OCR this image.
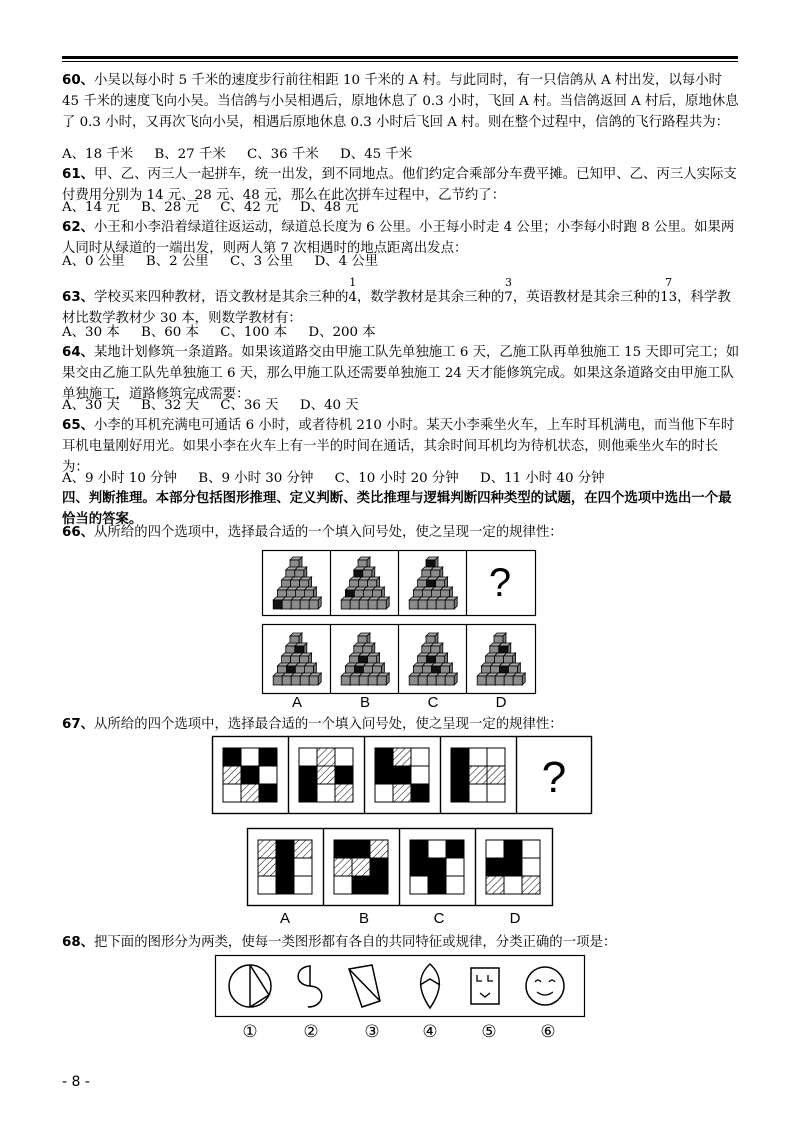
60、小吴以每小时 5 千米的速度步行前往相距 10 千米的 A 村。与此同时，有一只信鸽从 A 村出发，以每小时 45 千米的速度飞向小吴。当信鸽与小吴相遇后，原地休息了 0.3 小时，飞回 A 村。当信鸽返回 A 村后，原地休息了 0.3 小时，又再次飞向小吴，相遇后原地休息 0.3 小时后飞回 A 村。则在整个过程中，信鸽的飞行路程共为：

A、18 千米     B、27 千米     C、36 千米     D、45 千米

61、甲、乙、丙三人一起拼车，统一出发，到不同地点。他们约定合乘部分车费平摊。已知甲、乙、丙三人实际支付费用分别为 14 元、28 元、48 元，那么在此次拼车过程中，乙节约了：

A、14 元     B、28 元     C、42 元     D、48 元

62、小王和小李沿着绿道往返运动，绿道总长度为 6 公里。小王每小时走 4 公里；小李每小时跑 8 公里。如果两人同时从绿道的一端出发，则两人第 7 次相遇时的地点距离出发点：

A、0 公里     B、2 公里     C、3 公里     D、4 公里

63、学校买来四种教材，语文教材是其余三种的
1
4，数学教材是其余三种的
3
7，英语教材是其余三种的
7
13，科学教材比数学教材少 30 本，则数学教材有：

A、30 本     B、60 本     C、100 本     D、200 本

64、某地计划修筑一条道路。如果该道路交由甲施工队先单独施工 6 天，乙施工队再单独施工 15 天即可完工；如果交由乙施工队先单独施工 6 天，那么甲施工队还需要单独施工 24 天才能修筑完成。如果这条道路交由甲施工队单独施工，道路修筑完成需要：

A、30 天     B、32 天     C、36 天     D、40 天

65、小李的耳机充满电可通话 6 小时，或者待机 210 小时。某天小李乘坐火车，上车时耳机满电，而当他下车时耳机电量刚好用光。如果小李在火车上有一半的时间在通话，其余时间耳机均为待机状态，则他乘坐火车的时长为：

A、9 小时 10 分钟     B、9 小时 30 分钟     C、10 小时 20 分钟     D、11 小时 40 分钟
四、判断推理。本部分包括图形推理、定义判断、类比推理与逻辑判断四种类型的试题，在四个选项中选出一个最恰当的答案。

66、从所给的四个选项中，选择最合适的一个填入问号处，使之呈现一定的规律性：

?
A	B	C	D

67、从所给的四个选项中，选择最合适的一个填入问号处，使之呈现一定的规律性：

?
A	B	C	D

68、把下面的图形分为两类，使每一类图形都有各自的共同特征或规律，分类正确的一项是：

①	②	③	④	⑤	⑥
- 8 -
